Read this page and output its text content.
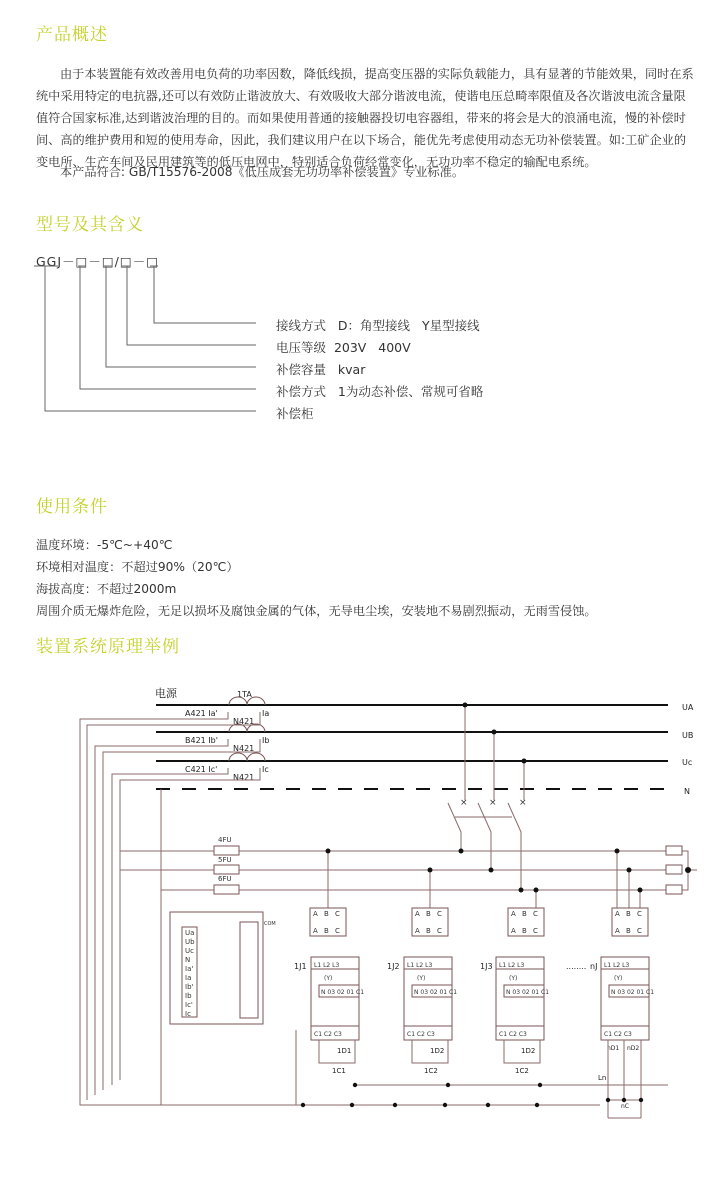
产品概述

由于本装置能有效改善用电负荷的功率因数，降低线损，提高变压器的实际负载能力，具有显著的节能效果，同时在系统中采用特定的电抗器,还可以有效防止谐波放大、有效吸收大部分谐波电流，使谐电压总畸率限值及各次谐波电流含量限值符合国家标准,达到谐波治理的目的。而如果使用普通的接触器投切电容器组，带来的将会是大的浪涌电流，慢的补偿时间、高的维护费用和短的使用寿命，因此，我们建议用户在以下场合，能优先考虑使用动态无功补偿装置。如:工矿企业的变电所、生产车间及民用建筑等的低压电网中，特别适合负荷经常变化，无功功率不稳定的输配电系统。

本产品符合: GB/T15576-2008《低压成套无功功率补偿装置》专业标准。

型号及其含义
GGJ－□－□/□－□
接线方式   D：角型接线   Y星型接线
电压等级  203V   400V
补偿容量   kvar
补偿方式   1为动态补偿、常规可省略
补偿柜
使用条件
温度环境：-5℃~+40℃
环境相对温度：不超过90%（20℃）
海拔高度：不超过2000m
周围介质无爆炸危险，无足以损坏及腐蚀金属的气体，无导电尘埃，安装地不易剧烈振动，无雨雪侵蚀。
装置系统原理举例
电源	1TA
UA
UB
Uc
N
A421 Ia'	Ia
N421
B421 Ib'	Ib
N421
C421 Ic'	Ic
N421
× × ×
4FU
5FU
6FU
Ua
Ub
Uc
N
Ia'
Ia
Ib'
Ib
Ic'
Ic
COM
A B C
A B C
A B C
A B C
A B C
A B C
A B C
A B C
1J1	1J2	1J3	........ nJ
(Y)
N 03 02 01 C1
(Y)
N 03 02 01 C1
(Y)
N 03 02 01 C1
(Y)
N 03 02 01 C1
L1 L2 L3	L1 L2 L3	L1 L2 L3	L1 L2 L3
C1 C2 C3	C1 C2 C3	C1 C2 C3	C1 C2 C3
1D1
1C1
1D2
1C2
1D2
1C2
nD1 nD2
Ln
nC
